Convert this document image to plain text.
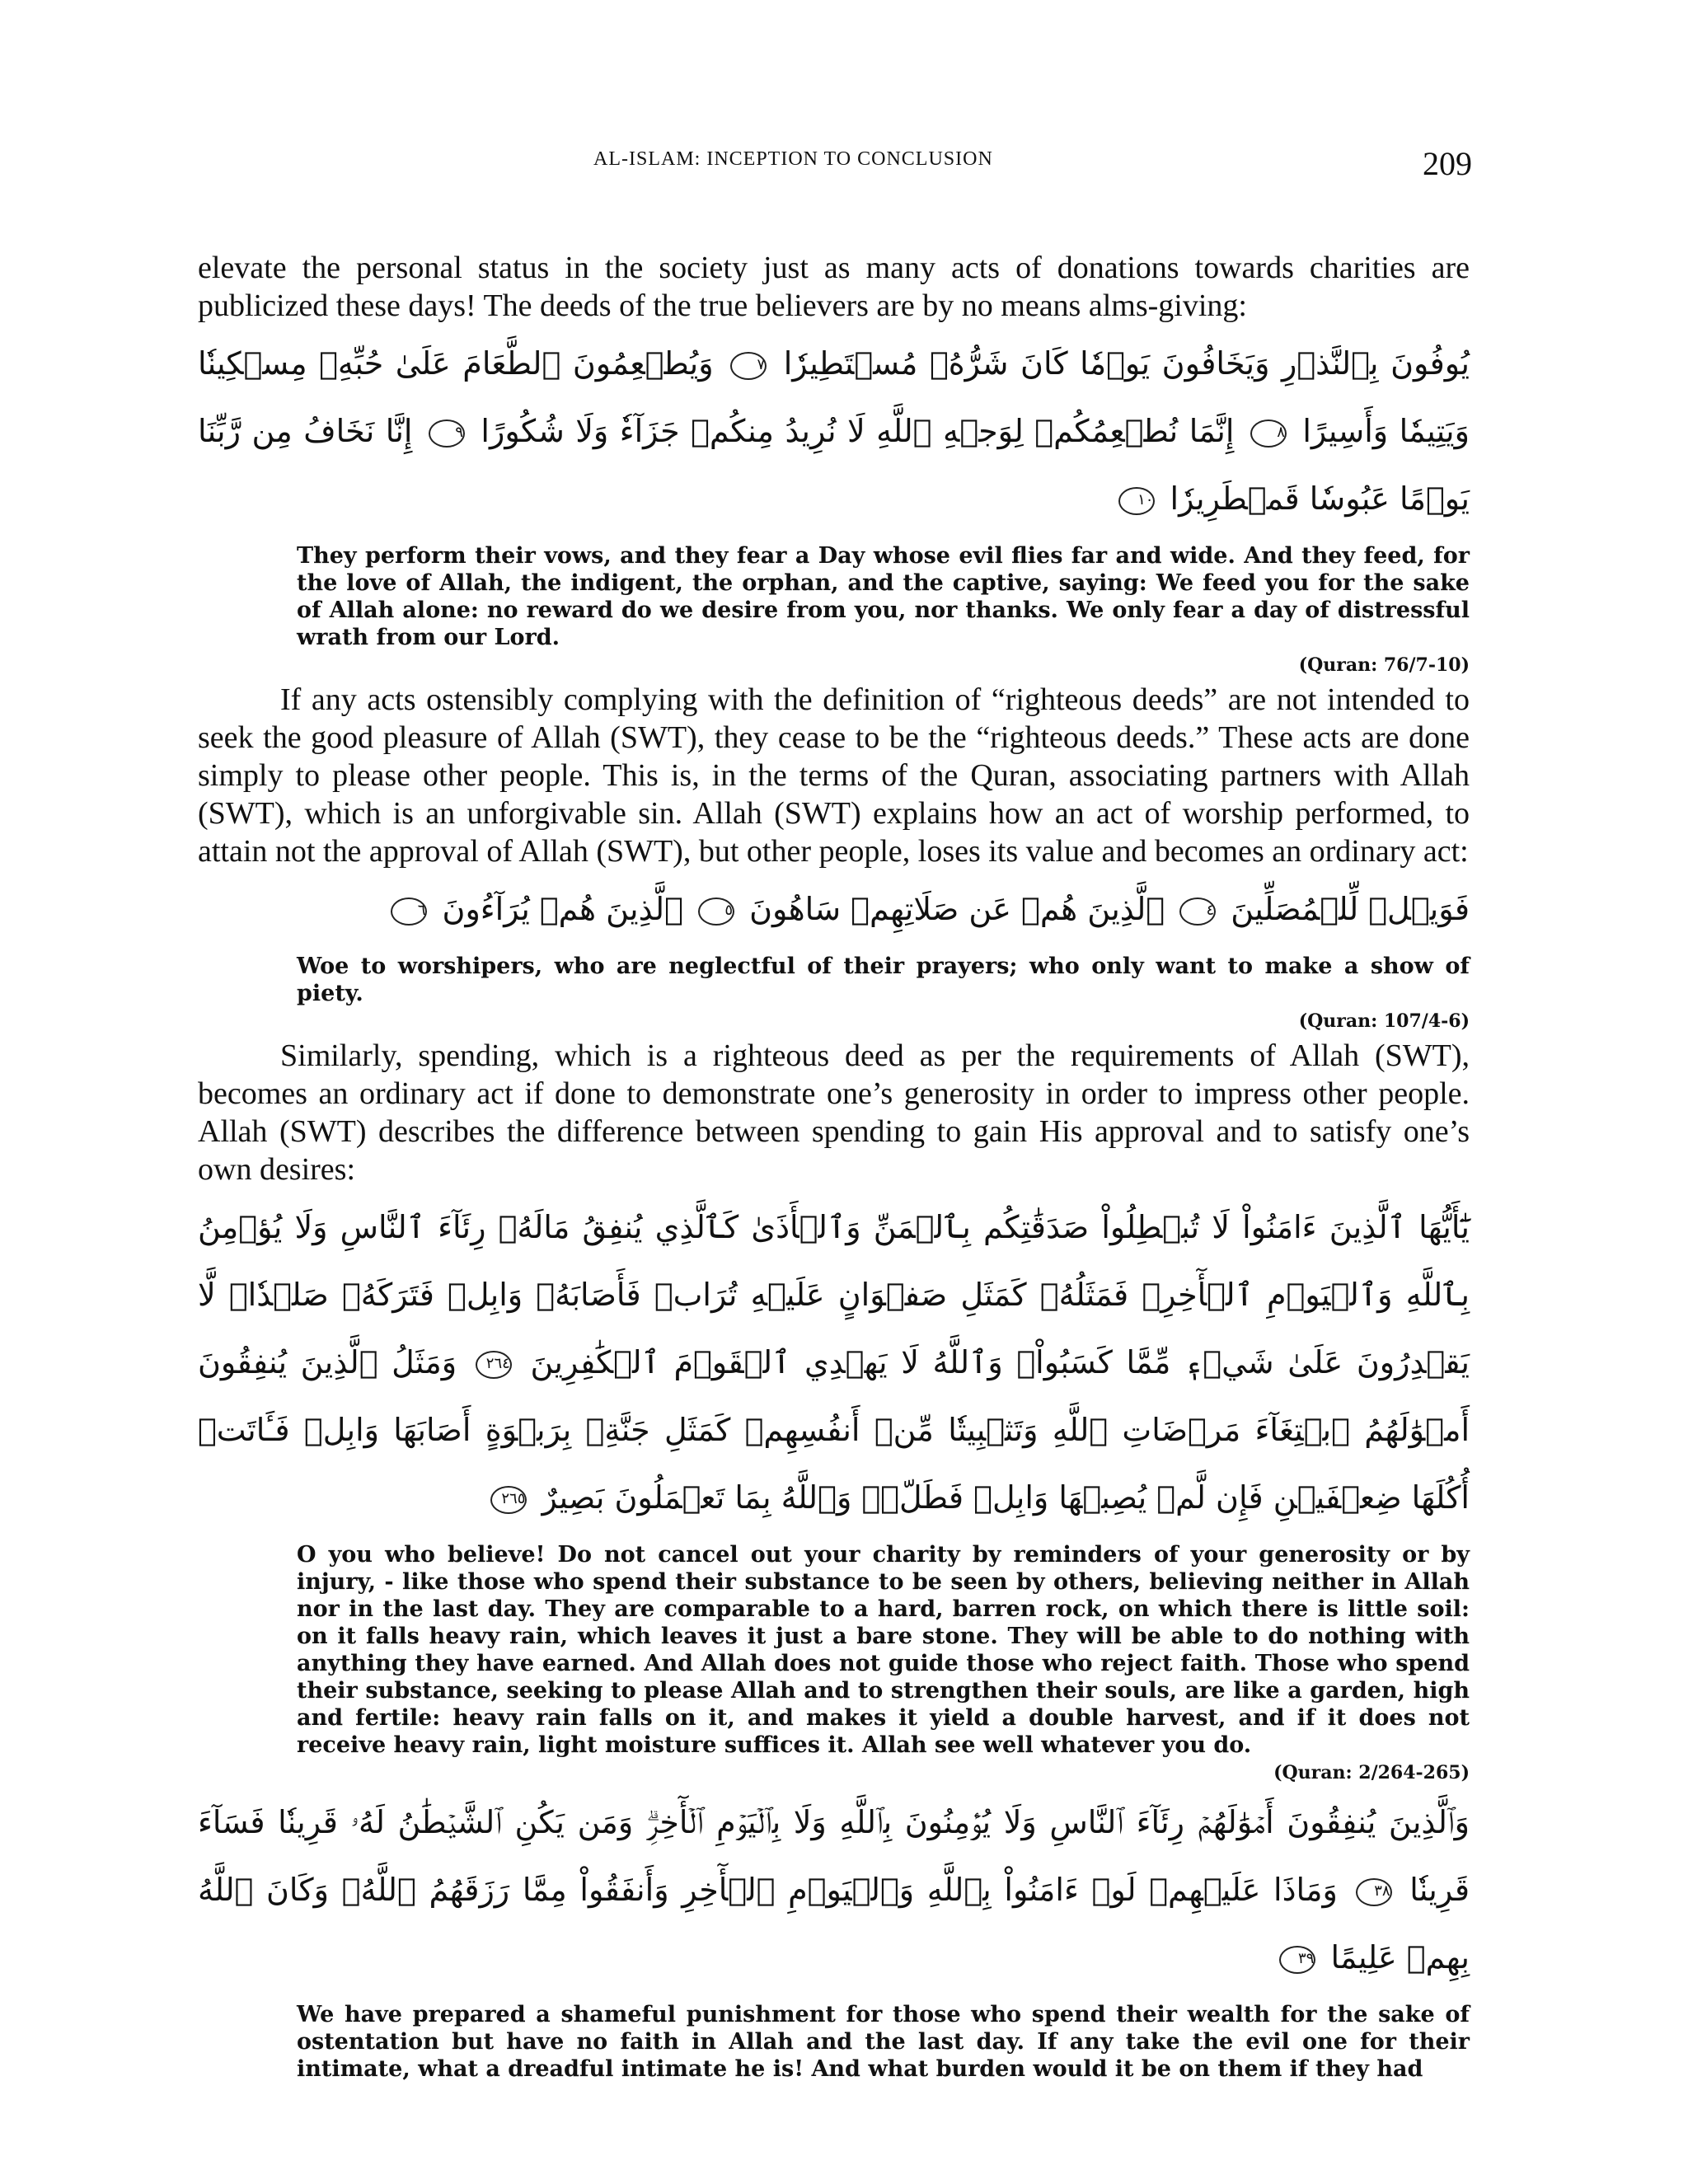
AL-ISLAM: INCEPTION TO CONCLUSION	209

elevate the personal status in the society just as many acts of donations towards charities are publicized these days! The deeds of the true believers are by no means alms-giving:

يُوفُونَ بِٱلنَّذۡرِ وَيَخَافُونَ يَوۡمٗا كَانَ شَرُّهُۥ مُسۡتَطِيرٗا ٧ وَيُطۡعِمُونَ ٱلطَّعَامَ عَلَىٰ حُبِّهِۦ مِسۡكِينٗا وَيَتِيمٗا وَأَسِيرًا ٨ إِنَّمَا نُطۡعِمُكُمۡ لِوَجۡهِ ٱللَّهِ لَا نُرِيدُ مِنكُمۡ جَزَآءٗ وَلَا شُكُورًا ٩ إِنَّا نَخَافُ مِن رَّبِّنَا يَوۡمًا عَبُوسٗا قَمۡطَرِيرٗا ١٠

They perform their vows, and they fear a Day whose evil flies far and wide. And they feed, for the love of Allah, the indigent, the orphan, and the captive, saying: We feed you for the sake of Allah alone: no reward do we desire from you, nor thanks. We only fear a day of distressful wrath from our Lord.

(Quran: 76/7-10)

If any acts ostensibly complying with the definition of “righteous deeds” are not intended to seek the good pleasure of Allah (SWT), they cease to be the “righteous deeds.” These acts are done simply to please other people. This is, in the terms of the Quran, associating partners with Allah (SWT), which is an unforgivable sin. Allah (SWT) explains how an act of worship performed, to attain not the approval of Allah (SWT), but other people, loses its value and becomes an ordinary act:

فَوَيۡلٞ لِّلۡمُصَلِّينَ ٤ ٱلَّذِينَ هُمۡ عَن صَلَاتِهِمۡ سَاهُونَ ٥ ٱلَّذِينَ هُمۡ يُرَآءُونَ ٦

Woe to worshipers, who are neglectful of their prayers; who only want to make a show of piety.

(Quran: 107/4-6)

Similarly, spending, which is a righteous deed as per the requirements of Allah (SWT), becomes an ordinary act if done to demonstrate one’s generosity in order to impress other people. Allah (SWT) describes the difference between spending to gain His approval and to satisfy one’s own desires:

يَٰٓأَيُّهَا ٱلَّذِينَ ءَامَنُواْ لَا تُبۡطِلُواْ صَدَقَٰتِكُم بِٱلۡمَنِّ وَٱلۡأَذَىٰ كَٱلَّذِي يُنفِقُ مَالَهُۥ رِئَآءَ ٱلنَّاسِ وَلَا يُؤۡمِنُ بِٱللَّهِ وَٱلۡيَوۡمِ ٱلۡأٓخِرِۖ فَمَثَلُهُۥ كَمَثَلِ صَفۡوَانٍ عَلَيۡهِ تُرَابٞ فَأَصَابَهُۥ وَابِلٞ فَتَرَكَهُۥ صَلۡدٗاۖ لَّا يَقۡدِرُونَ عَلَىٰ شَيۡءٖ مِّمَّا كَسَبُواْۗ وَٱللَّهُ لَا يَهۡدِي ٱلۡقَوۡمَ ٱلۡكَٰفِرِينَ ٢٦٤ وَمَثَلُ ٱلَّذِينَ يُنفِقُونَ أَمۡوَٰلَهُمُ ٱبۡتِغَآءَ مَرۡضَاتِ ٱللَّهِ وَتَثۡبِيتٗا مِّنۡ أَنفُسِهِمۡ كَمَثَلِ جَنَّةِۭ بِرَبۡوَةٍ أَصَابَهَا وَابِلٞ فَـَٔاتَتۡ أُكُلَهَا ضِعۡفَيۡنِ فَإِن لَّمۡ يُصِبۡهَا وَابِلٞ فَطَلّٞۗ وَٱللَّهُ بِمَا تَعۡمَلُونَ بَصِيرٌ ٢٦٥

O you who believe! Do not cancel out your charity by reminders of your generosity or by injury, - like those who spend their substance to be seen by others, believing neither in Allah nor in the last day. They are comparable to a hard, barren rock, on which there is little soil: on it falls heavy rain, which leaves it just a bare stone. They will be able to do nothing with anything they have earned. And Allah does not guide those who reject faith. Those who spend their substance, seeking to please Allah and to strengthen their souls, are like a garden, high and fertile: heavy rain falls on it, and makes it yield a double harvest, and if it does not receive heavy rain, light moisture suffices it. Allah see well whatever you do.

(Quran: 2/264-265)
وَٱلَّذِينَ يُنفِقُونَ أَمۡوَٰلَهُمۡ رِئَآءَ ٱلنَّاسِ وَلَا يُؤۡمِنُونَ بِٱللَّهِ وَلَا بِٱلۡيَوۡمِ ٱلۡأٓخِرِۗ وَمَن يَكُنِ ٱلشَّيۡطَٰنُ لَهُۥ قَرِينٗا فَسَآءَ قَرِينٗا ٣٨ وَمَاذَا عَلَيۡهِمۡ لَوۡ ءَامَنُواْ بِٱللَّهِ وَٱلۡيَوۡمِ ٱلۡأٓخِرِ وَأَنفَقُواْ مِمَّا رَزَقَهُمُ ٱللَّهُۚ وَكَانَ ٱللَّهُ بِهِمۡ عَلِيمًا ٣٩

We have prepared a shameful punishment for those who spend their wealth for the sake of ostentation but have no faith in Allah and the last day. If any take the evil one for their intimate, what a dreadful intimate he is! And what burden would it be on them if they had
